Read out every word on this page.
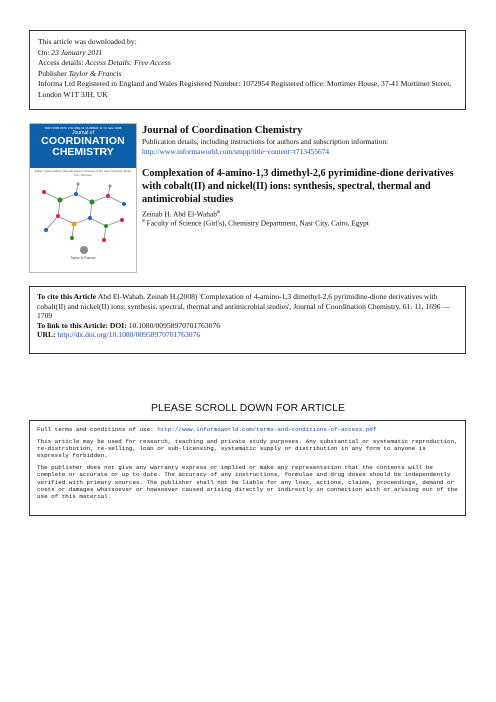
This article was downloaded by:
On: 23 January 2011
Access details: Access Details: Free Access
Publisher Taylor & Francis
Informa Ltd Registered in England and Wales Registered Number: 1072954 Registered office: Mortimer House, 37-41 Mortimer Street, London W1T 3JH, UK
ISSN 0095-8972 VOLUME 61 NUMBER 11 10 June 2008
Journal of
COORDINATION
CHEMISTRY
Editor: Guest editors Special Issue in Honour of the Late Professor Brian F.G. Johnson
Taylor & Francis
Journal of Coordination Chemistry
Publication details, including instructions for authors and subscription information:
http://www.informaworld.com/smpp/title~content=t713455674
Complexation of 4-amino-1,3 dimethyl-2,6 pyrimidine-dione derivatives with cobalt(II) and nickel(II) ions: synthesis, spectral, thermal and antimicrobial studies
Zeinab H. Abd El-Wahab$^a$
$^a$ Faculty of Science (Girl's), Chemistry Department, Nasr City, Cairo, Egypt
To cite this Article Abd El-Wahab, Zeinab H.(2008) 'Complexation of 4-amino-1,3 dimethyl-2,6 pyrimidine-dione derivatives with cobalt(II) and nickel(II) ions: synthesis, spectral, thermal and antimicrobial studies', Journal of Coordination Chemistry, 61: 11, 1696 — 1709
To link to this Article: DOI: 10.1080/00958970701763076
URL: http://dx.doi.org/10.1080/00958970701763076
PLEASE SCROLL DOWN FOR ARTICLE

Full terms and conditions of use: http://www.informaworld.com/terms-and-conditions-of-access.pdf

This article may be used for research, teaching and private study purposes. Any substantial or systematic reproduction, re-distribution, re-selling, loan or sub-licensing, systematic supply or distribution in any form to anyone is expressly forbidden.

The publisher does not give any warranty express or implied or make any representation that the contents will be complete or accurate or up to date. The accuracy of any instructions, formulae and drug doses should be independently verified with primary sources. The publisher shall not be liable for any loss, actions, claims, proceedings, demand or costs or damages whatsoever or howsoever caused arising directly or indirectly in connection with or arising out of the use of this material.
